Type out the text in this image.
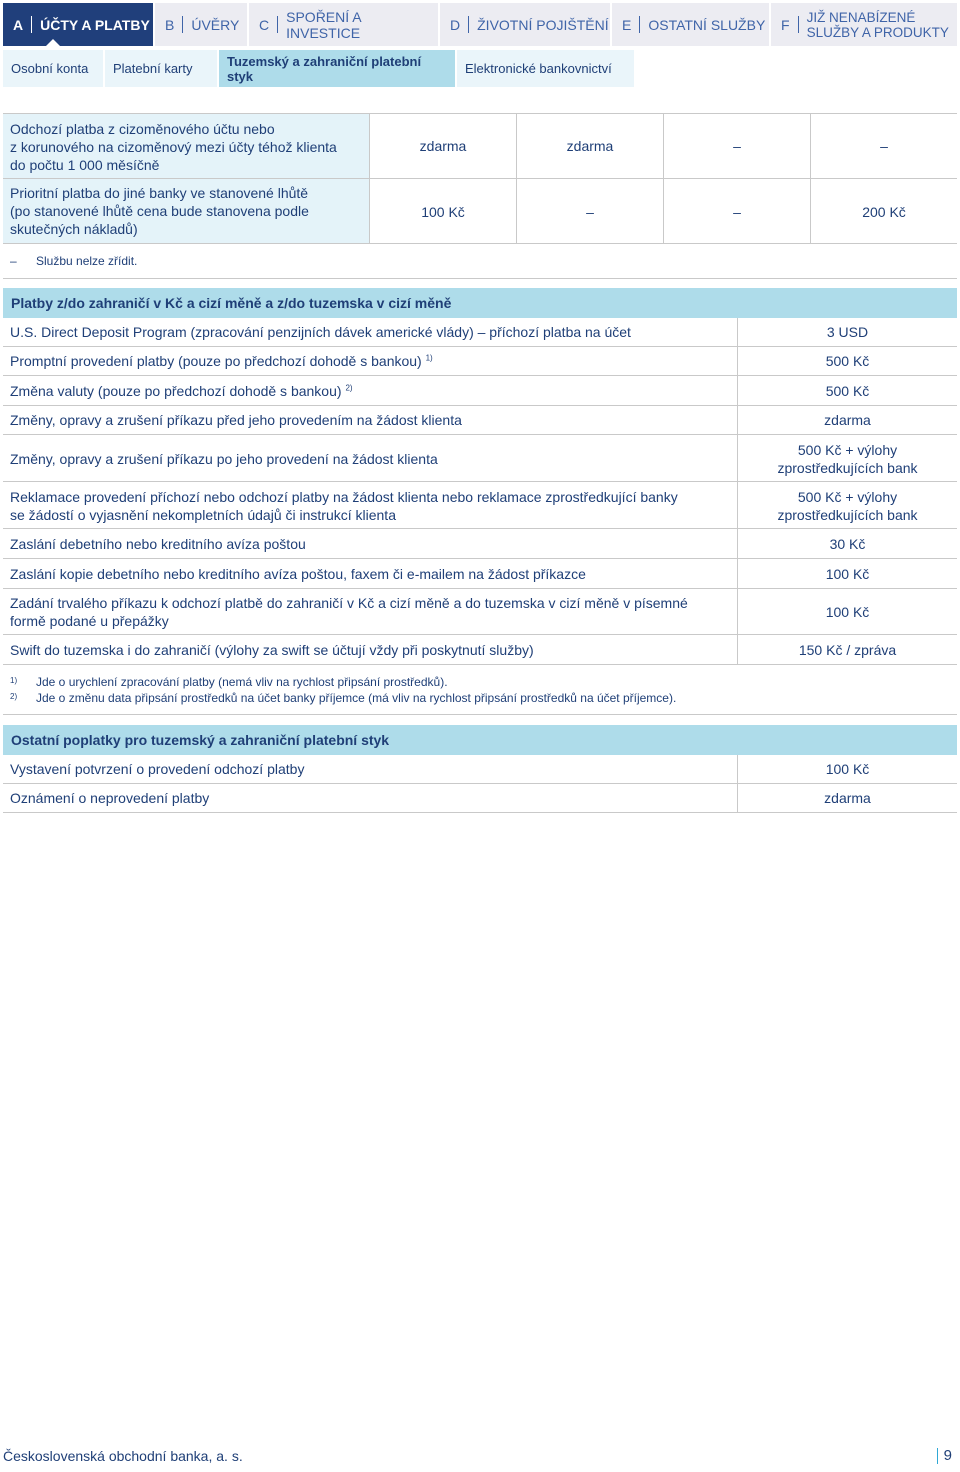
A ÚČTY A PLATBY B ÚVĚRY C SPOŘENÍ A INVESTICE	D ŽIVOTNÍ POJIŠTĚNÍ E OSTATNÍ SLUŽBY F JIŽ NENABÍZENÉ
SLUŽBY A PRODUKTY
Osobní konta Platební karty	Tuzemský a zahraniční platební styk	Elektronické bankovnictví
Odchozí platba z cizoměnového účtu nebo
z korunového na cizoměnový mezi účty téhož klienta
do počtu 1 000 měsíčně
zdarma	zdarma	–	–
Prioritní platba do jiné banky ve stanovené lhůtě
(po stanovené lhůtě cena bude stanovena podle
skutečných nákladů)
100 Kč	–	–	200 Kč
– Službu nelze zřídit.
Platby z/do zahraničí v Kč a cizí měně a z/do tuzemska v cizí měně
U.S. Direct Deposit Program (zpracování penzijních dávek americké vlády) – příchozí platba na účet	3 USD
Promptní provedení platby (pouze po předchozí dohodě s bankou) $^{1)}$	500 Kč
Změna valuty (pouze po předchozí dohodě s bankou) $^{2)}$	500 Kč
Změny, opravy a zrušení příkazu před jeho provedením na žádost klienta	zdarma
Změny, opravy a zrušení příkazu po jeho provedení na žádost klienta
500 Kč + výlohy
zprostředkujících bank
Reklamace provedení příchozí nebo odchozí platby na žádost klienta nebo reklamace zprostředkující banky
se žádostí o vyjasnění nekompletních údajů či instrukcí klienta
500 Kč + výlohy
zprostředkujících bank
Zaslání debetního nebo kreditního avíza poštou	30 Kč
Zaslání kopie debetního nebo kreditního avíza poštou, faxem či e-mailem na žádost příkazce	100 Kč
Zadání trvalého příkazu k odchozí platbě do zahraničí v Kč a cizí měně a do tuzemska v cizí měně v písemné
formě podané u přepážky
100 Kč
Swift do tuzemska i do zahraničí (výlohy za swift se účtují vždy při poskytnutí služby)	150 Kč / zpráva
1) Jde o urychlení zpracování platby (nemá vliv na rychlost připsání prostředků).
2) Jde o změnu data připsání prostředků na účet banky příjemce (má vliv na rychlost připsání prostředků na účet příjemce).
Ostatní poplatky pro tuzemský a zahraniční platební styk
Vystavení potvrzení o provedení odchozí platby	100 Kč
Oznámení o neprovedení platby	zdarma
Československá obchodní banka, a. s.	9
